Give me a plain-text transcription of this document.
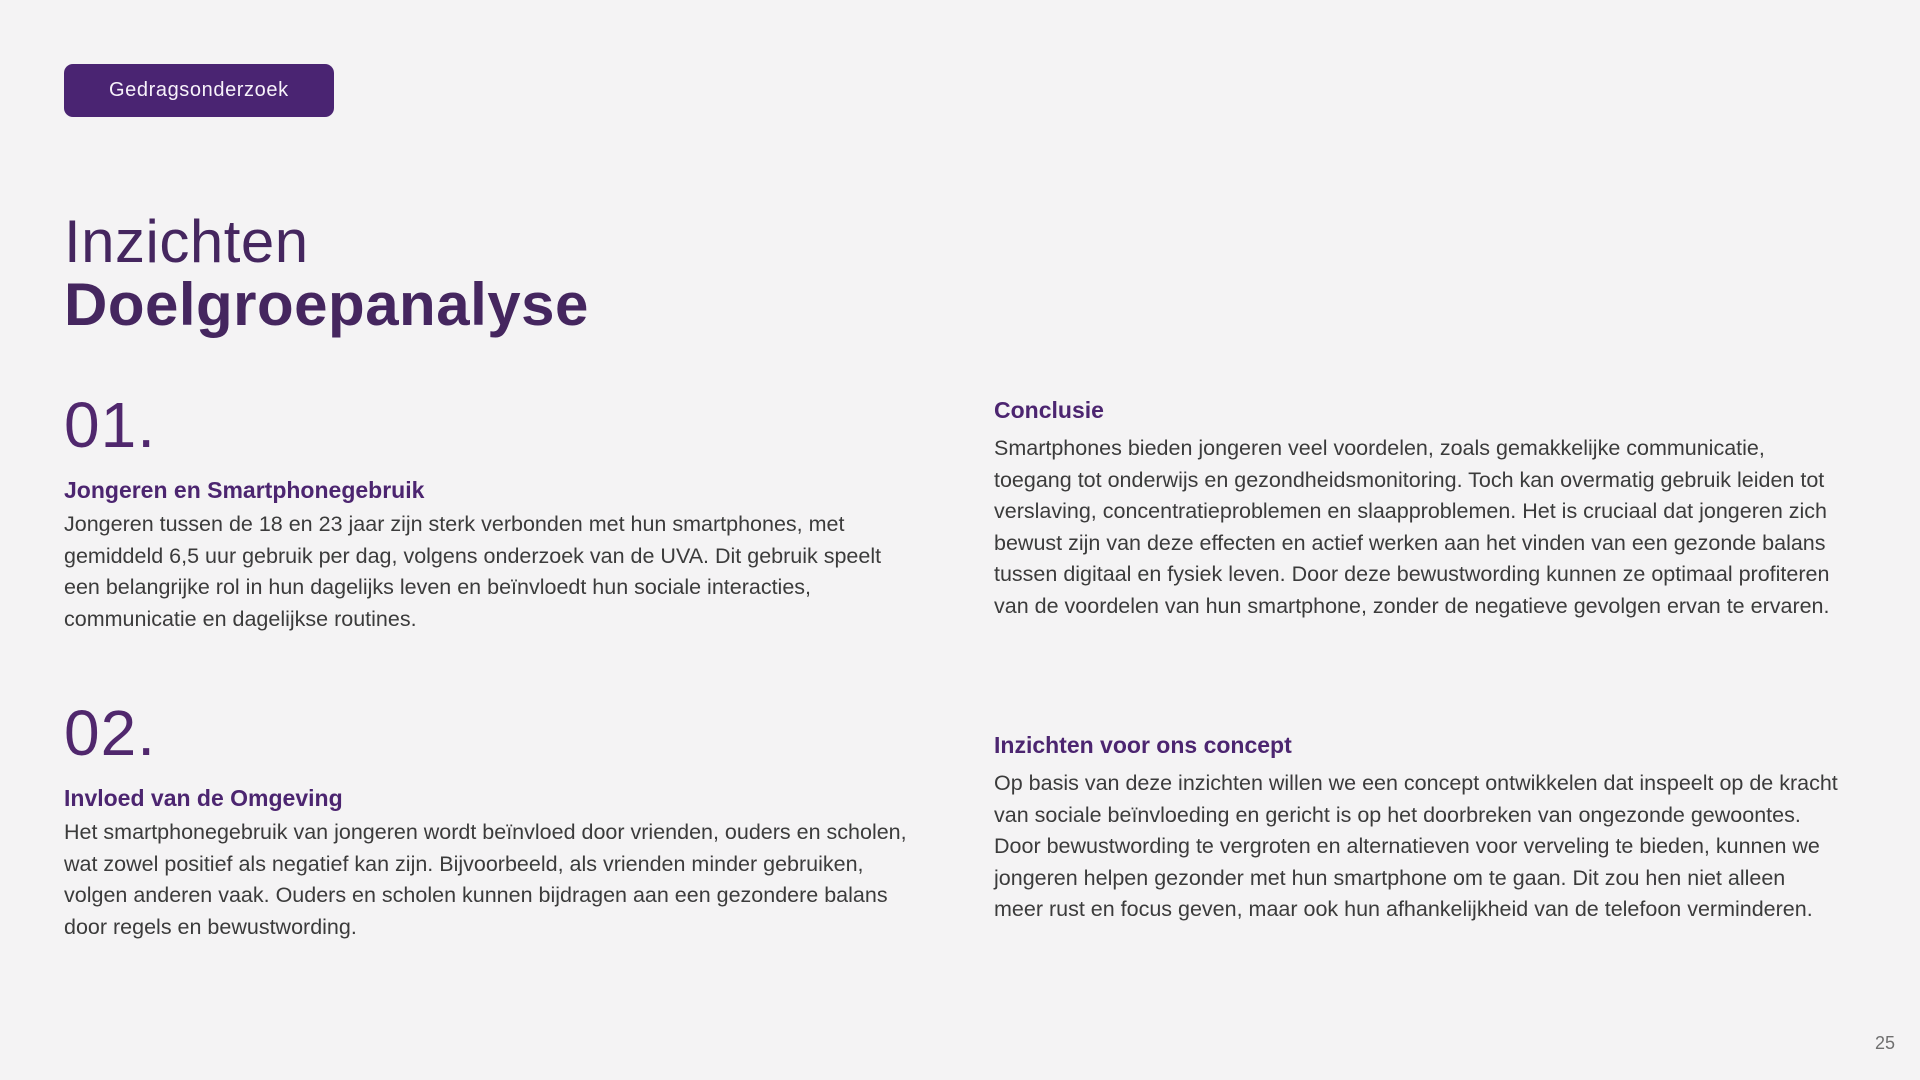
Gedragsonderzoek
Inzichten
Doelgroepanalyse
01.
Jongeren en Smartphonegebruik
Jongeren tussen de 18 en 23 jaar zijn sterk verbonden met hun smartphones, met gemiddeld 6,5 uur gebruik per dag, volgens onderzoek van de UVA. Dit gebruik speelt een belangrijke rol in hun dagelijks leven en beïnvloedt hun sociale interacties, communicatie en dagelijkse routines.
02.
Invloed van de Omgeving
Het smartphonegebruik van jongeren wordt beïnvloed door vrienden, ouders en scholen, wat zowel positief als negatief kan zijn. Bijvoorbeeld, als vrienden minder gebruiken, volgen anderen vaak. Ouders en scholen kunnen bijdragen aan een gezondere balans door regels en bewustwording.
Conclusie
Smartphones bieden jongeren veel voordelen, zoals gemakkelijke communicatie, toegang tot onderwijs en gezondheidsmonitoring. Toch kan overmatig gebruik leiden tot verslaving, concentratieproblemen en slaapproblemen. Het is cruciaal dat jongeren zich bewust zijn van deze effecten en actief werken aan het vinden van een gezonde balans tussen digitaal en fysiek leven. Door deze bewustwording kunnen ze optimaal profiteren van de voordelen van hun smartphone, zonder de negatieve gevolgen ervan te ervaren.
Inzichten voor ons concept
Op basis van deze inzichten willen we een concept ontwikkelen dat inspeelt op de kracht van sociale beïnvloeding en gericht is op het doorbreken van ongezonde gewoontes. Door bewustwording te vergroten en alternatieven voor verveling te bieden, kunnen we jongeren helpen gezonder met hun smartphone om te gaan. Dit zou hen niet alleen meer rust en focus geven, maar ook hun afhankelijkheid van de telefoon verminderen.
25
